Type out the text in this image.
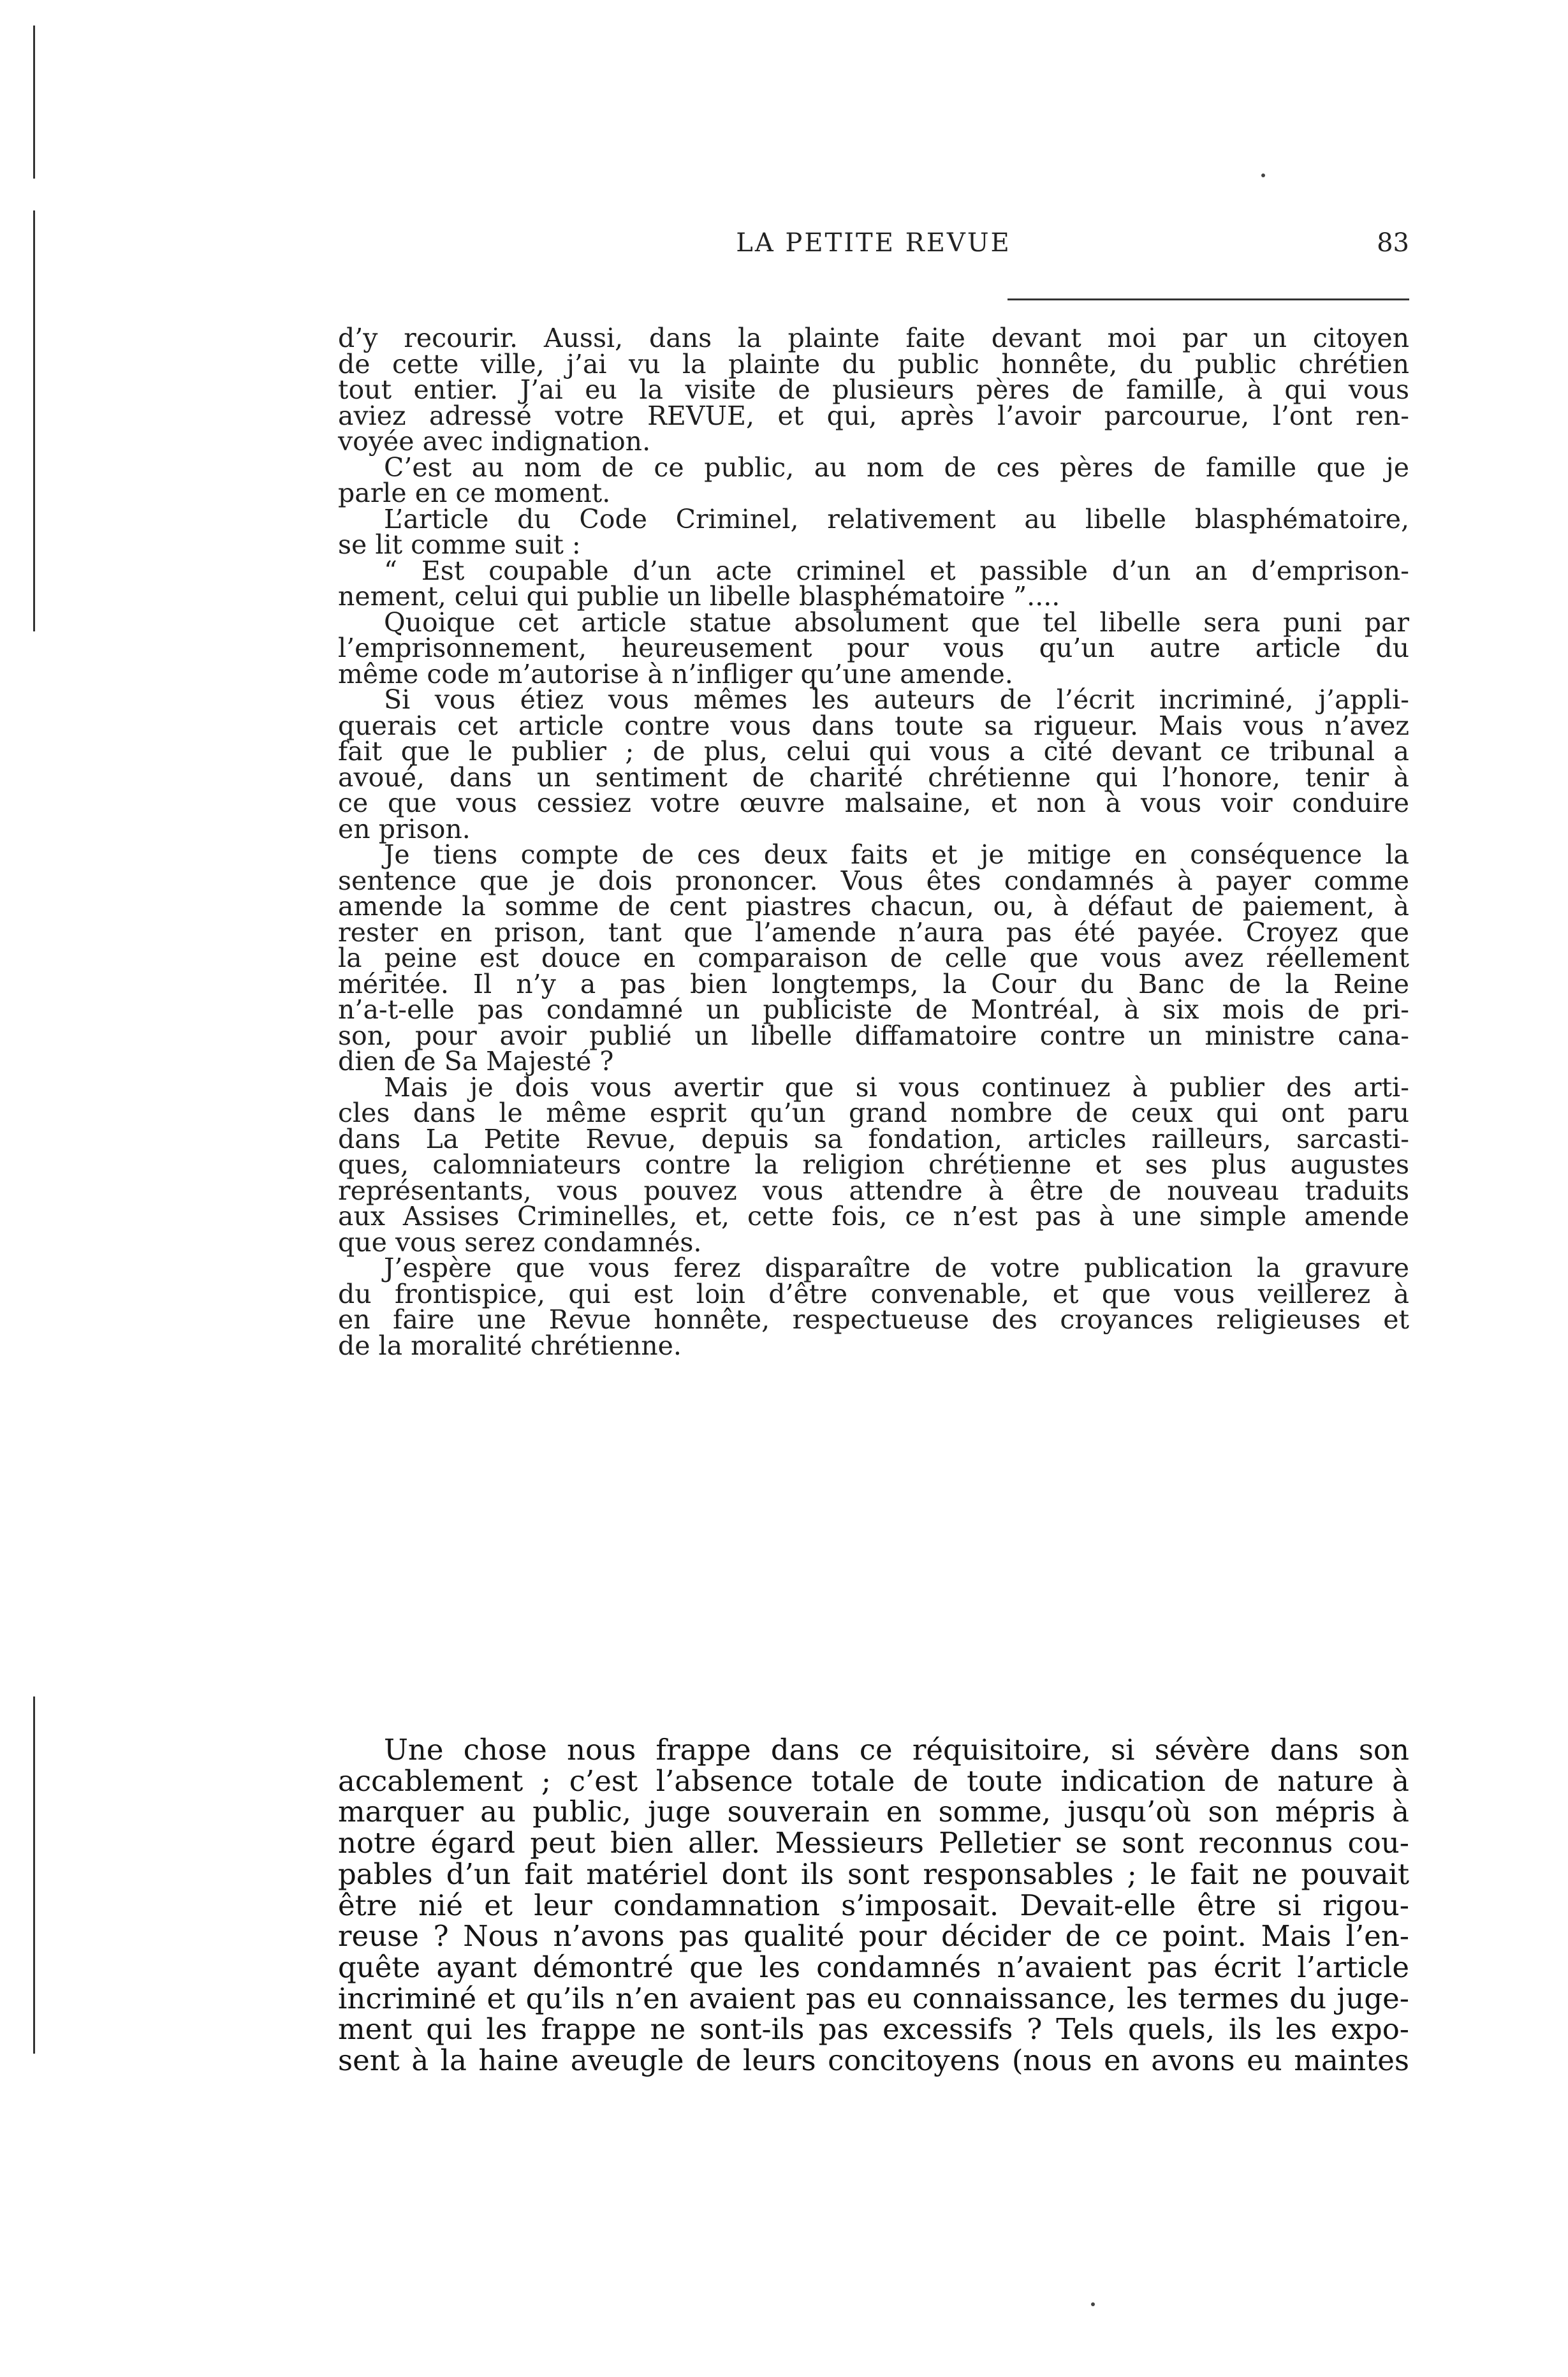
LA PETITE REVUE	83
d’y recourir. Aussi, dans la plainte faite devant moi par un citoyen
de cette ville, j’ai vu la plainte du public honnête, du public chrétien
tout entier. J’ai eu la visite de plusieurs pères de famille, à qui vous
aviez adressé votre REVUE, et qui, après l’avoir parcourue, l’ont ren-
voyée avec indignation.
C’est au nom de ce public, au nom de ces pères de famille que je
parle en ce moment.
L’article du Code Criminel, relativement au libelle blasphématoire,
se lit comme suit :
“ Est coupable d’un acte criminel et passible d’un an d’emprison-
nement, celui qui publie un libelle blasphématoire ”....
Quoique cet article statue absolument que tel libelle sera puni par
l’emprisonnement, heureusement pour vous qu’un autre article du
même code m’autorise à n’infliger qu’une amende.
Si vous étiez vous mêmes les auteurs de l’écrit incriminé, j’appli-
querais cet article contre vous dans toute sa rigueur. Mais vous n’avez
fait que le publier ; de plus, celui qui vous a cité devant ce tribunal a
avoué, dans un sentiment de charité chrétienne qui l’honore, tenir à
ce que vous cessiez votre œuvre malsaine, et non à vous voir conduire
en prison.
Je tiens compte de ces deux faits et je mitige en conséquence la
sentence que je dois prononcer. Vous êtes condamnés à payer comme
amende la somme de cent piastres chacun, ou, à défaut de paiement, à
rester en prison, tant que l’amende n’aura pas été payée. Croyez que
la peine est douce en comparaison de celle que vous avez réellement
méritée. Il n’y a pas bien longtemps, la Cour du Banc de la Reine
n’a-t-elle pas condamné un publiciste de Montréal, à six mois de pri-
son, pour avoir publié un libelle diffamatoire contre un ministre cana-
dien de Sa Majesté ?
Mais je dois vous avertir que si vous continuez à publier des arti-
cles dans le même esprit qu’un grand nombre de ceux qui ont paru
dans La Petite Revue, depuis sa fondation, articles railleurs, sarcasti-
ques, calomniateurs contre la religion chrétienne et ses plus augustes
représentants, vous pouvez vous attendre à être de nouveau traduits
aux Assises Criminelles, et, cette fois, ce n’est pas à une simple amende
que vous serez condamnés.
J’espère que vous ferez disparaître de votre publication la gravure
du frontispice, qui est loin d’être convenable, et que vous veillerez à
en faire une Revue honnête, respectueuse des croyances religieuses et
de la moralité chrétienne.
Une chose nous frappe dans ce réquisitoire, si sévère dans son
accablement ; c’est l’absence totale de toute indication de nature à
marquer au public, juge souverain en somme, jusqu’où son mépris à
notre égard peut bien aller. Messieurs Pelletier se sont reconnus cou-
pables d’un fait matériel dont ils sont responsables ; le fait ne pouvait
être nié et leur condamnation s’imposait. Devait-elle être si rigou-
reuse ? Nous n’avons pas qualité pour décider de ce point. Mais l’en-
quête ayant démontré que les condamnés n’avaient pas écrit l’article
incriminé et qu’ils n’en avaient pas eu connaissance, les termes du juge-
ment qui les frappe ne sont-ils pas excessifs ? Tels quels, ils les expo-
sent à la haine aveugle de leurs concitoyens (nous en avons eu maintes
